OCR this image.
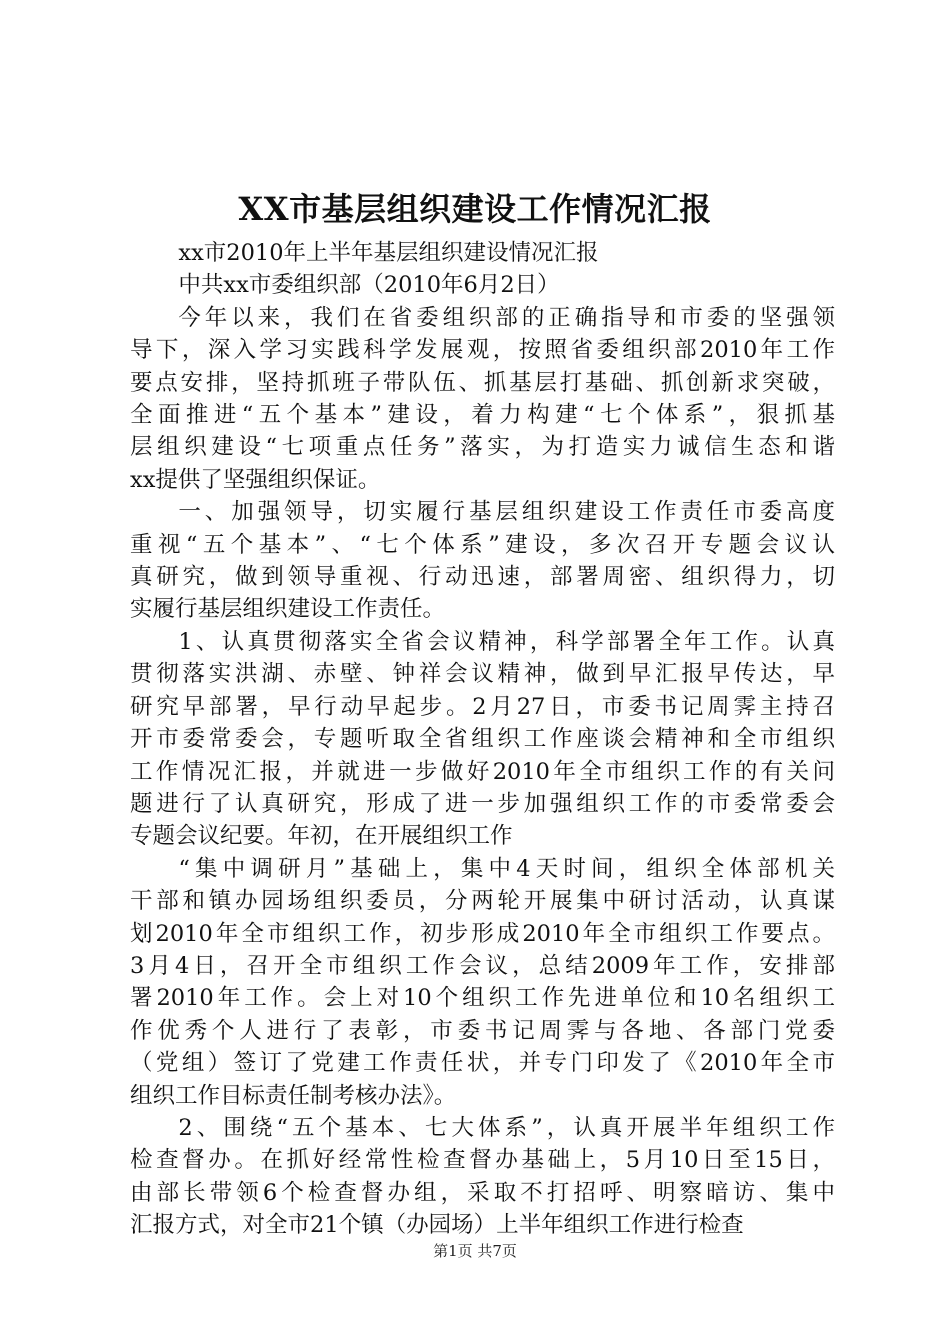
XX市基层组织建设工作情况汇报
xx市2010年上半年基层组织建设情况汇报
中共xx市委组织部（2010年6月2日）
今年以来，我们在省委组织部的正确指导和市委的坚强领
导下，深入学习实践科学发展观，按照省委组织部2010年工作
要点安排，坚持抓班子带队伍、抓基层打基础、抓创新求突破，
全面推进“五个基本”建设，着力构建“七个体系”，狠抓基
层组织建设“七项重点任务”落实，为打造实力诚信生态和谐
xx提供了坚强组织保证。
一、加强领导，切实履行基层组织建设工作责任市委高度
重视“五个基本”、“七个体系”建设，多次召开专题会议认
真研究，做到领导重视、行动迅速，部署周密、组织得力，切
实履行基层组织建设工作责任。
1、认真贯彻落实全省会议精神，科学部署全年工作。认真
贯彻落实洪湖、赤壁、钟祥会议精神，做到早汇报早传达，早
研究早部署，早行动早起步。2月27日，市委书记周霁主持召
开市委常委会，专题听取全省组织工作座谈会精神和全市组织
工作情况汇报，并就进一步做好2010年全市组织工作的有关问
题进行了认真研究，形成了进一步加强组织工作的市委常委会
专题会议纪要。年初，在开展组织工作
“集中调研月”基础上，集中4天时间，组织全体部机关
干部和镇办园场组织委员，分两轮开展集中研讨活动，认真谋
划2010年全市组织工作，初步形成2010年全市组织工作要点。
3月4日，召开全市组织工作会议，总结2009年工作，安排部
署2010年工作。会上对10个组织工作先进单位和10名组织工
作优秀个人进行了表彰，市委书记周霁与各地、各部门党委
（党组）签订了党建工作责任状，并专门印发了《2010年全市
组织工作目标责任制考核办法》。
2、围绕“五个基本、七大体系”，认真开展半年组织工作
检查督办。在抓好经常性检查督办基础上，5月10日至15日，
由部长带领6个检查督办组，采取不打招呼、明察暗访、集中
汇报方式，对全市21个镇（办园场）上半年组织工作进行检查
第1页 共7页
